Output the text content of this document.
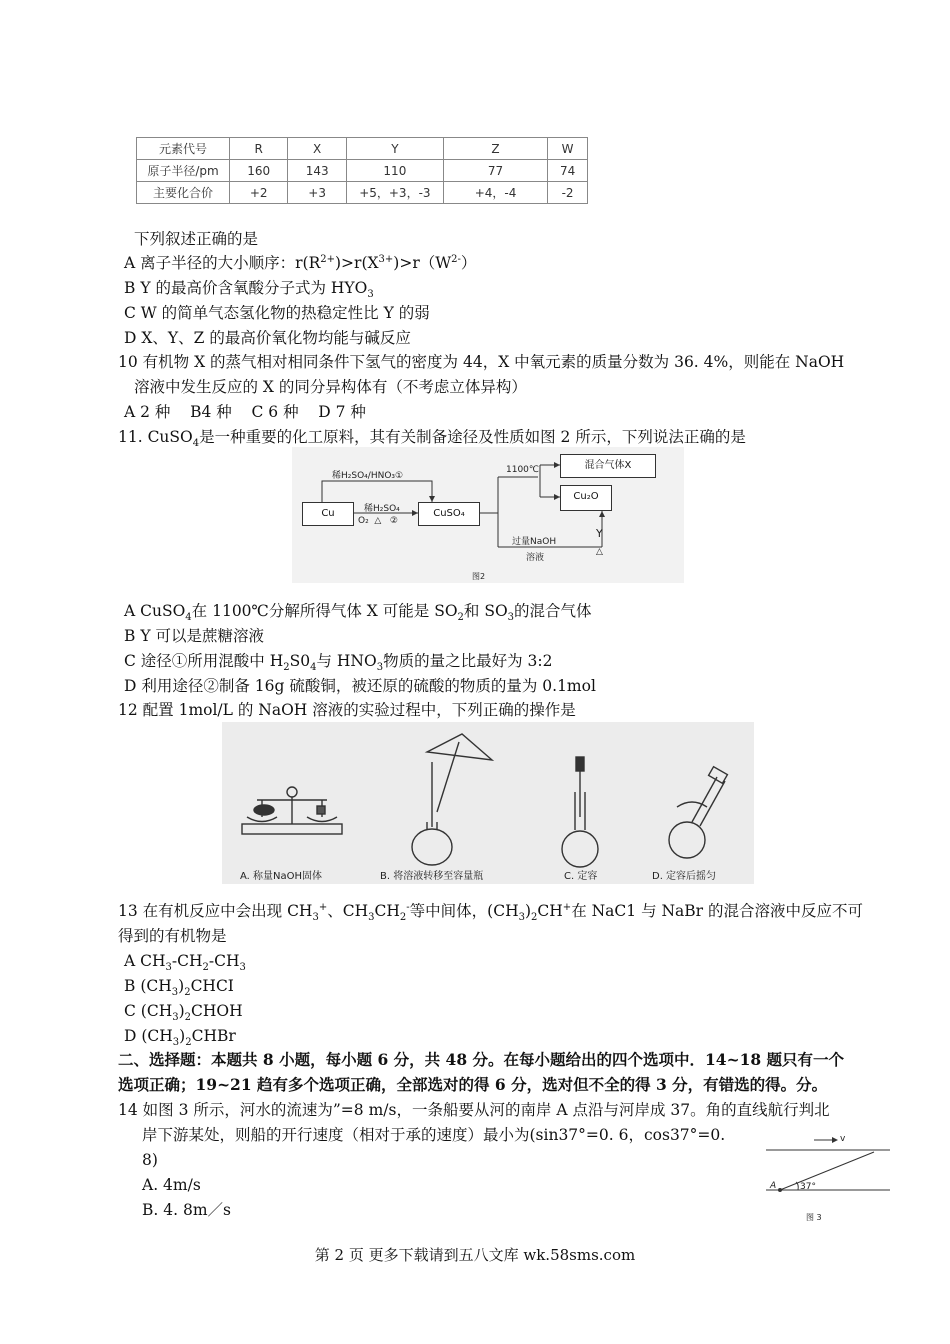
元素代号	R	X	Y	Z	W
原子半径/pm	160	143	110	77	74
主要化合价	+2	+3	+5，+3，-3	+4，-4	-2
下列叙述正确的是
A 离子半径的大小顺序：$r(R^{2+})>r(X^{3+})>r(W^{2-})$
B Y 的最高价含氧酸分子式为 $HYO_3$
C W 的简单气态氢化物的热稳定性比 Y 的弱
D X、Y、Z 的最高价氧化物均能与碱反应
10 有机物 X 的蒸气相对相同条件下氢气的密度为 44，X 中氧元素的质量分数为 36. 4%，则能在 NaOH
溶液中发生反应的 X 的同分异构体有（不考虑立体异构）
A 2 种    B4 种    C 6 种    D 7 种
11. CuSO$_4$是一种重要的化工原料，其有关制备途径及性质如图 2 所示，下列说法正确的是
Cu	CuSO₄
混合气体X
Cu₂O
稀H₂SO₄/HNO₃①
稀H₂SO₄
O₂  △   ②
1100℃
过量NaOH
溶液
Y
△
图2
A CuSO$_4$在 1100℃分解所得气体 X 可能是 $SO_2$和 $SO_3$的混合气体
B Y 可以是蔗糖溶液
C 途径①所用混酸中 $H_2S0_4$与 $HNO_3$物质的量之比最好为 3:2
D 利用途径②制备 16g 硫酸铜，被还原的硫酸的物质的量为 0.1mol
12 配置 1mol/L 的 NaOH 溶液的实验过程中，下列正确的操作是
A. 称量NaOH固体	B. 将溶液转移至容量瓶	C. 定容	D. 定容后摇匀
13 在有机反应中会出现 $CH_3^+$、$CH_3CH_2^-$等中间体，$(CH_3)_2CH^+$在 NaC1 与 NaBr 的混合溶液中反应不可
得到的有机物是
A $CH_3-CH_2-CH_3$
B $(CH_3)_2CHCI$
C $(CH_3)_2CHOH$
D $(CH_3)_2CHBr$
二、选择题：本题共 8 小题，每小题 6 分，共 48 分。在每小题给出的四个选项中．14~18 题只有一个
选项正确；19~21 趋有多个选项正确，全部选对的得 6 分，选对但不全的得 3 分，有错选的得。分。
14 如图 3 所示，河水的流速为”=8 m/s，一条船要从河的南岸 A 点沿与河岸成 37。角的直线航行判北
岸下游某处，则船的开行速度（相对于承的速度）最小为(sin37°=0. 6，cos37°=0.
8)
A. 4m/s
B. 4. 8m／s
v
A	37°
图 3
第 2 页 更多下载请到五八文库 wk.58sms.com
